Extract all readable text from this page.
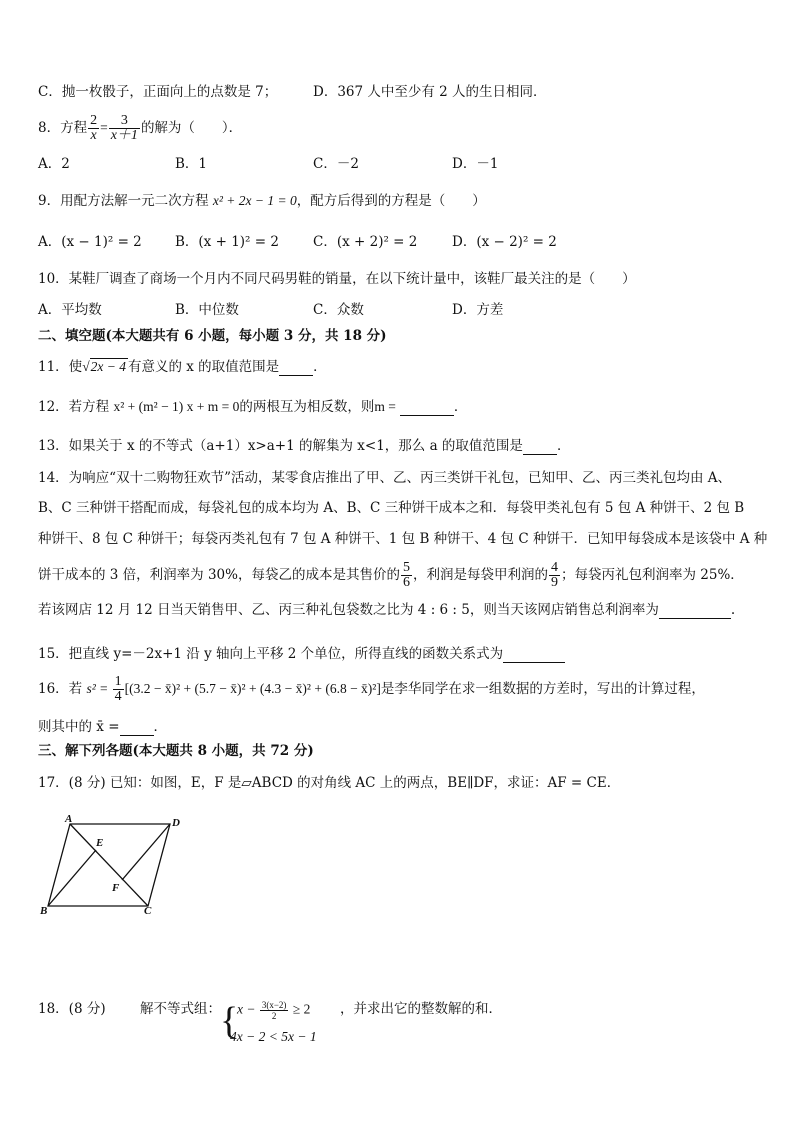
C．抛一枚骰子，正面向上的点数是 7；	D．367 人中至少有 2 人的生日相同．
8．方程 $\frac{2}{x} = \frac{3}{x+1}$ 的解为（　　）．
A．2	B．1	C．－2	D．－1
9．用配方法解一元二次方程 x² + 2x − 1 = 0，配方后得到的方程是（　　）
A．(x − 1)² = 2 B．(x + 1)² = 2	C．(x + 2)² = 2	D．(x − 2)² = 2
10．某鞋厂调查了商场一个月内不同尺码男鞋的销量，在以下统计量中，该鞋厂最关注的是（　　）
A．平均数	B．中位数	C．众数	D．方差
二、填空题(本大题共有 6 小题，每小题 3 分，共 18 分)
11．使√2x − 4 有意义的 x 的取值范围是	．
12．若方程 x² + (m² − 1) x + m = 0的两根互为相反数，则m =	．
13．如果关于 x 的不等式（a+1）x>a+1 的解集为 x<1，那么 a 的取值范围是	．
14．为响应“双十二购物狂欢节”活动，某零食店推出了甲、乙、丙三类饼干礼包，已知甲、乙、丙三类礼包均由 A、
B、C 三种饼干搭配而成，每袋礼包的成本均为 A、B、C 三种饼干成本之和．每袋甲类礼包有 5 包 A 种饼干、2 包 B
种饼干、8 包 C 种饼干；每袋丙类礼包有 7 包 A 种饼干、1 包 B 种饼干、4 包 C 种饼干．已知甲每袋成本是该袋中 A 种
饼干成本的 3 倍，利润率为 30%，每袋乙的成本是其售价的 $\frac{5}{6}$ ，利润是每袋甲利润的 $\frac{4}{9}$ ；每袋丙礼包利润率为 25%．
若该网店 12 月 12 日当天销售甲、乙、丙三种礼包袋数之比为 4 : 6 : 5，则当天该网店销售总利润率为	.
15．把直线 y=－2x+1 沿 y 轴向上平移 2 个单位，所得直线的函数关系式为
16．若 $s^2 = \frac{1}{4} [(3.2$ − x̄)² + (5.7 − x̄)² + (4.3 − x̄)² + (6.8 − x̄)²]是李华同学在求一组数据的方差时，写出的计算过程，
则其中的 x̄ =	．
三、解下列各题(本大题共 8 小题，共 72 分)
17．(8 分) 已知：如图，E，F 是▱ABCD 的对角线 AC 上的两点，BE∥DF，求证：AF = CE．
A	D
E
F
B	C
18．(8 分)	解不等式组： {
$x - \frac{3(x-2)}{2} \ge 2$
4x − 2 < 5x − 1
，并求出它的整数解的和．
